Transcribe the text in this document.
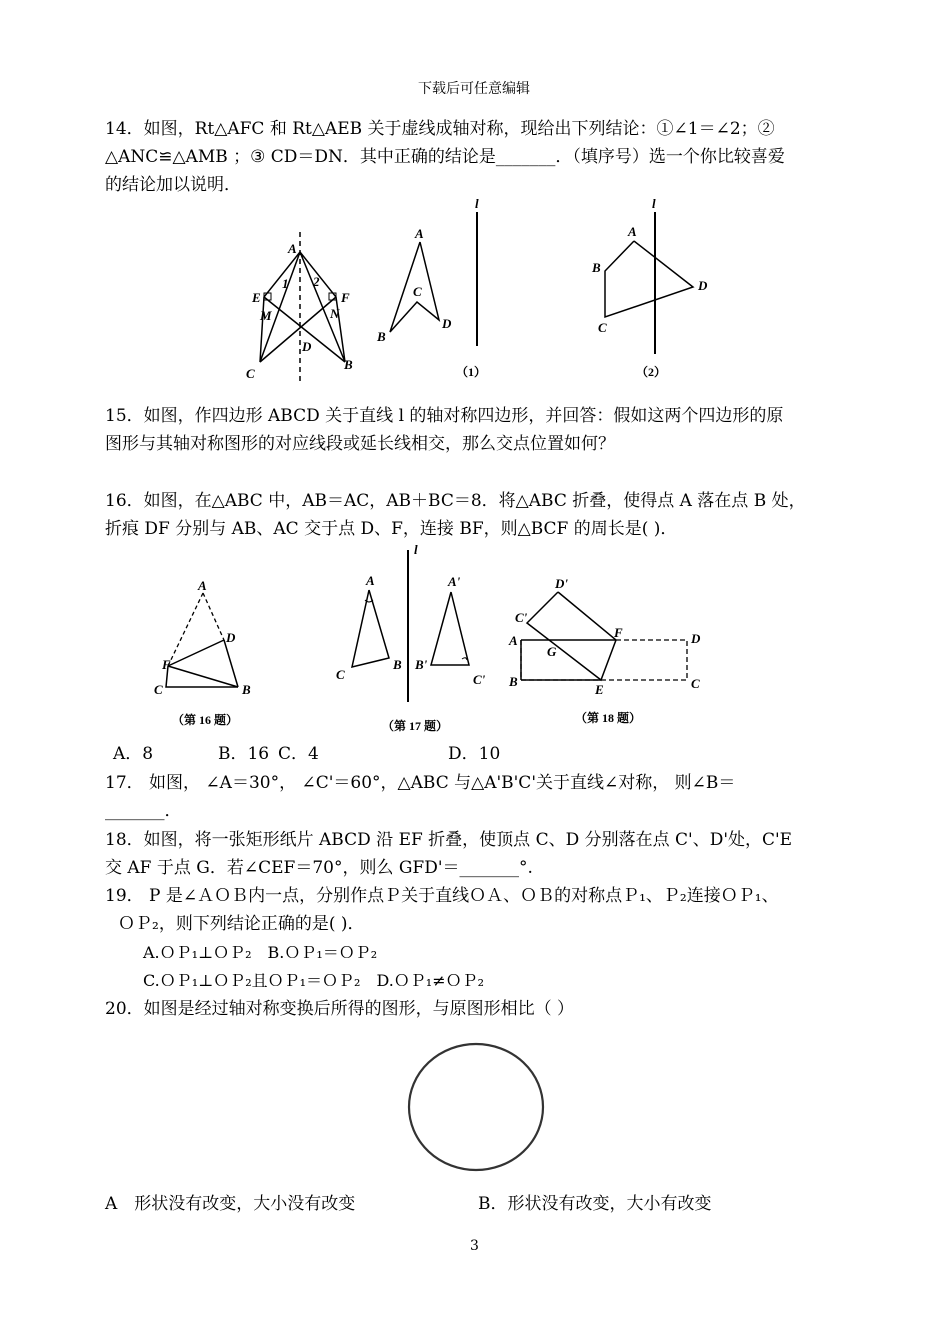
下载后可任意编辑
14．如图，Rt△AFC 和 Rt△AEB 关于虚线成轴对称，现给出下列结论：①∠1＝∠2；②
△ANC≌△AMB ；③ CD＝DN．其中正确的结论是_______．（填序号）选一个你比较喜爱
的结论加以说明．
A
E	F
M	N
D
C
B
1 2
A
C
B
D
l
（1）
A
B
D
C
l
（2）
15．如图，作四边形 ABCD 关于直线 l 的轴对称四边形，并回答：假如这两个四边形的原
图形与其轴对称图形的对应线段或延长线相交，那么交点位置如何？
16．如图，在△ABC 中，AB＝AC，AB＋BC＝8．将△ABC 折叠，使得点 A 落在点 B 处，
折痕 DF 分别与 AB、AC 交于点 D、F，连接 BF，则△BCF 的周长是( )．
A
D
F
C	B
（第 16 题）
A
C
B
l
A'
B'
C'
（第 17 题）
D'
C'
A
F
G
D
B
E	C
（第 18 题）
A．8	B．16 C．4	D．10
17． 如图， ∠A＝30°， ∠C'＝60°，△ABC 与△A'B'C'关于直线∠对称， 则∠B＝
_______．
18．如图，将一张矩形纸片 ABCD 沿 EF 折叠，使顶点 C、D 分别落在点 C'、D'处，C'E
交 AF 于点 G．若∠CEF＝70°，则么 GFD'＝_______°.
19． P 是∠ＡＯＢ内一点，分别作点Ｐ关于直线ＯＡ、ＯＢ的对称点Ｐ₁、Ｐ₂连接ＯＰ₁、
ＯＰ₂，则下列结论正确的是( )．
A.ＯＰ₁⊥ＯＰ₂　B.ＯＰ₁＝ＯＰ₂
C.ＯＰ₁⊥ＯＰ₂且ＯＰ₁＝ＯＰ₂　D.ＯＰ₁≠ＯＰ₂
20．如图是经过轴对称变换后所得的图形，与原图形相比（ ）
A　形状没有改变，大小没有改变	B．形状没有改变，大小有改变
3
